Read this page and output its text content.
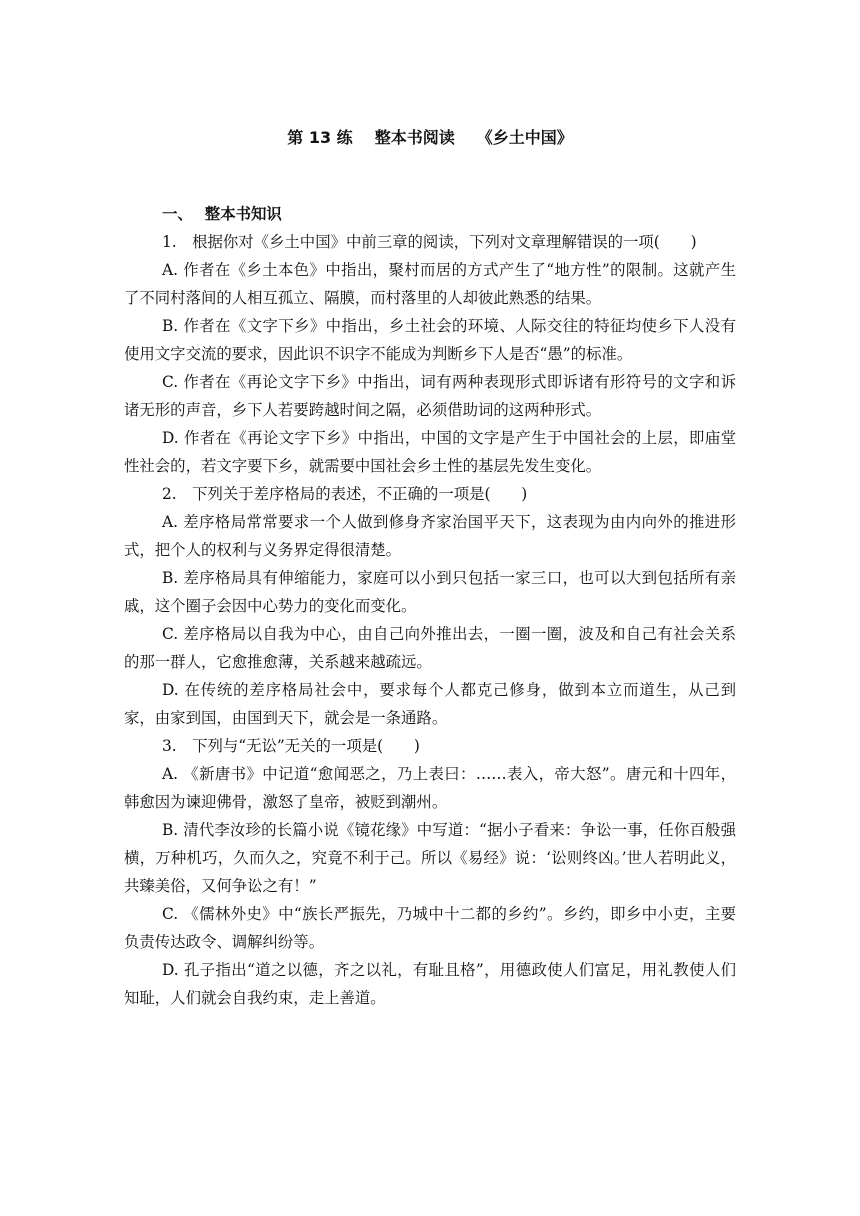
第 13 练 整本书阅读 《乡土中国》
一、 整本书知识

1.　根据你对《乡土中国》中前三章的阅读，下列对文章理解错误的一项(　　)

A. 作者在《乡土本色》中指出，聚村而居的方式产生了“地方性”的限制。这就产生了不同村落间的人相互孤立、隔膜，而村落里的人却彼此熟悉的结果。

B. 作者在《文字下乡》中指出，乡土社会的环境、人际交往的特征均使乡下人没有使用文字交流的要求，因此识不识字不能成为判断乡下人是否“愚”的标准。

C. 作者在《再论文字下乡》中指出，词有两种表现形式即诉诸有形符号的文字和诉诸无形的声音，乡下人若要跨越时间之隔，必须借助词的这两种形式。

D. 作者在《再论文字下乡》中指出，中国的文字是产生于中国社会的上层，即庙堂性社会的，若文字要下乡，就需要中国社会乡土性的基层先发生变化。

2.　下列关于差序格局的表述，不正确的一项是(　　)

A. 差序格局常常要求一个人做到修身齐家治国平天下，这表现为由内向外的推进形式，把个人的权利与义务界定得很清楚。

B. 差序格局具有伸缩能力，家庭可以小到只包括一家三口，也可以大到包括所有亲戚，这个圈子会因中心势力的变化而变化。

C. 差序格局以自我为中心，由自己向外推出去，一圈一圈，波及和自己有社会关系的那一群人，它愈推愈薄，关系越来越疏远。

D. 在传统的差序格局社会中，要求每个人都克己修身，做到本立而道生，从己到家，由家到国，由国到天下，就会是一条通路。

3.　下列与“无讼”无关的一项是(　　)

A. 《新唐书》中记道“愈闻恶之，乃上表曰：……表入，帝大怒”。唐元和十四年，韩愈因为谏迎佛骨，激怒了皇帝，被贬到潮州。

B. 清代李汝珍的长篇小说《镜花缘》中写道：“据小子看来：争讼一事，任你百般强横，万种机巧，久而久之，究竟不利于己。所以《易经》说：‘讼则终凶。’世人若明此义，共臻美俗，又何争讼之有！”

C. 《儒林外史》中“族长严振先，乃城中十二都的乡约”。乡约，即乡中小吏，主要负责传达政令、调解纠纷等。

D. 孔子指出“道之以德，齐之以礼，有耻且格”，用德政使人们富足，用礼教使人们知耻，人们就会自我约束，走上善道。
